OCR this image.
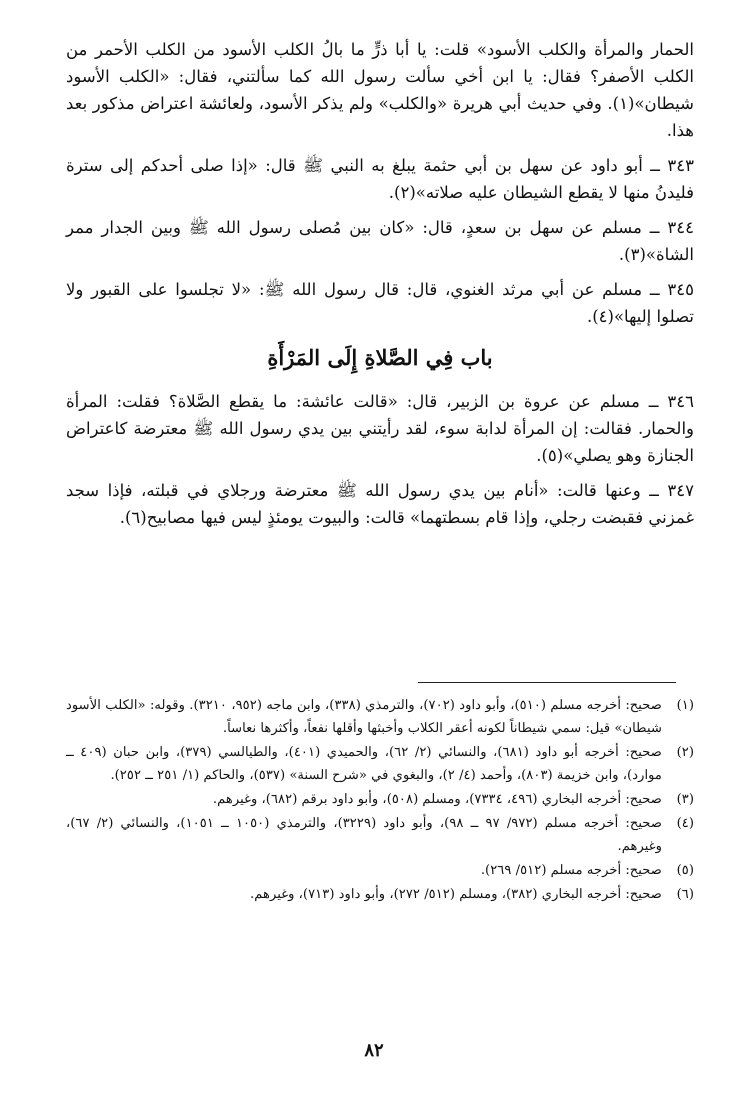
الحمار والمرأة والكلب الأسود» قلت: يا أبا ذرٍّ ما بالُ الكلب الأسود من الكلب الأحمر من الكلب الأصفر؟ فقال: يا ابن أخي سألت رسول الله كما سألتني، فقال: «الكلب الأسود شيطان»(١). وفي حديث أبي هريرة «والكلب» ولم يذكر الأسود، ولعائشة اعتراض مذكور بعد هذا.

٣٤٣ ــ أبو داود عن سهل بن أبي حثمة يبلغ به النبي ﷺ قال: «إذا صلى أحدكم إلى سترة فليدنُ منها لا يقطع الشيطان عليه صلاته»(٢).

٣٤٤ ــ مسلم عن سهل بن سعدٍ، قال: «كان بين مُصلى رسول الله ﷺ وبين الجدار ممر الشاة»(٣).

٣٤٥ ــ مسلم عن أبي مرثد الغنوي، قال: قال رسول الله ﷺ: «لا تجلسوا على القبور ولا تصلوا إليها»(٤).

باب فِي الصَّلاةِ إِلَى المَرْأَةِ

٣٤٦ ــ مسلم عن عروة بن الزبير، قال: «قالت عائشة: ما يقطع الصَّلاة؟ فقلت: المرأة والحمار. فقالت: إن المرأة لدابة سوء، لقد رأيتني بين يدي رسول الله ﷺ معترضة كاعتراض الجنازة وهو يصلي»(٥).

٣٤٧ ــ وعنها قالت: «أنام بين يدي رسول الله ﷺ معترضة ورجلاي في قبلته، فإذا سجد غمزني فقبضت رجلي، وإذا قام بسطتهما» قالت: والبيوت يومئذٍ ليس فيها مصابيح(٦).

(١)
صحيح: أخرجه مسلم (٥١٠)، وأبو داود (٧٠٢)، والترمذي (٣٣٨)، وابن ماجه (٩٥٢، ٣٢١٠). وقوله: «الكلب الأسود شيطان» قيل: سمي شيطاناً لكونه أعقر الكلاب وأخبثها وأقلها نفعاً، وأكثرها نعاساً.
(٢)
صحيح: أخرجه أبو داود (٦٨١)، والنسائي (٢/ ٦٢)، والحميدي (٤٠١)، والطيالسي (٣٧٩)، وابن حبان (٤٠٩ ــ موارد)، وابن خزيمة (٨٠٣)، وأحمد (٤/ ٢)، والبغوي في «شرح السنة» (٥٣٧)، والحاكم (١/ ٢٥١ ــ ٢٥٢).
(٣)
صحيح: أخرجه البخاري (٤٩٦، ٧٣٣٤)، ومسلم (٥٠٨)، وأبو داود برقم (٦٨٢)، وغيرهم.
(٤)
صحيح: أخرجه مسلم (٩٧٢/ ٩٧ ــ ٩٨)، وأبو داود (٣٢٢٩)، والترمذي (١٠٥٠ ــ ١٠٥١)، والنسائي (٢/ ٦٧)، وغيرهم.
(٥)
صحيح: أخرجه مسلم (٥١٢/ ٢٦٩).
(٦)
صحيح: أخرجه البخاري (٣٨٢)، ومسلم (٥١٢/ ٢٧٢)، وأبو داود (٧١٣)، وغيرهم.
٨٢
